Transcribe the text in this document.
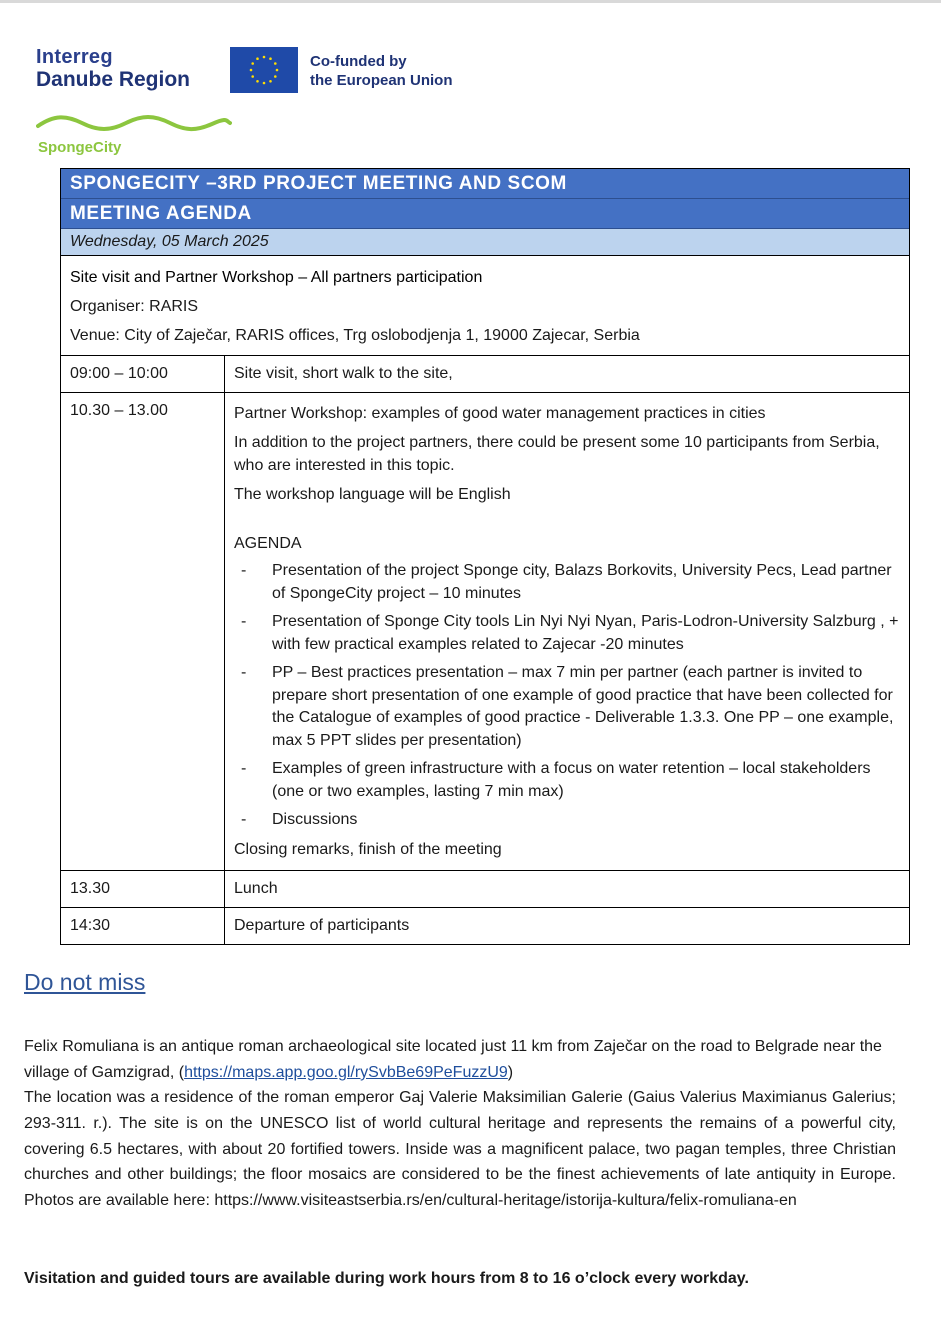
Interreg
Danube Region
Co-funded by
the European Union
SpongeCity
SPONGECITY –3RD PROJECT MEETING AND SCOM
MEETING AGENDA
Wednesday, 05 March 2025
Site visit and Partner Workshop – All partners participation
Organiser: RARIS
Venue: City of Zaječar, RARIS offices, Trg oslobodjenja 1, 19000 Zajecar, Serbia
09:00 – 10:00	Site visit, short walk to the site,
10.30 – 13.00	Partner Workshop: examples of good water management practices in cities

In addition to the project partners, there could be present some 10 participants from Serbia, who are interested in this topic.

The workshop language will be English

AGENDA

- Presentation of the project Sponge city, Balazs Borkovits, University Pecs, Lead partner of SpongeCity project – 10 minutes
- Presentation of Sponge City tools Lin Nyi Nyi Nyan, Paris-Lodron-University Salzburg , + with few practical examples related to Zajecar -20 minutes
- PP – Best practices presentation – max 7 min per partner (each partner is invited to prepare short presentation of one example of good practice that have been collected for the Catalogue of examples of good practice - Deliverable 1.3.3. One PP – one example, max 5 PPT slides per presentation)
- Examples of green infrastructure with a focus on water retention – local stakeholders (one or two examples, lasting 7 min max)
- Discussions

Closing remarks, finish of the meeting

13.30	Lunch
14:30	Departure of participants
Do not miss
Felix Romuliana is an antique roman archaeological site located just 11 km from Zaječar on the road to Belgrade near the village of Gamzigrad, (https://maps.app.goo.gl/rySvbBe69PeFuzzU9)
The location was a residence of the roman emperor Gaj Valerie Maksimilian Galerie (Gaius Valerius Maximianus Galerius; 293-311. r.). The site is on the UNESCO list of world cultural heritage and represents the remains of a powerful city, covering 6.5 hectares, with about 20 fortified towers. Inside was a magnificent palace, two pagan temples, three Christian churches and other buildings; the floor mosaics are considered to be the finest achievements of late antiquity in Europe. Photos are available here: https://www.visiteastserbia.rs/en/cultural-heritage/istorija-kultura/felix-romuliana-en
Visitation and guided tours are available during work hours from 8 to 16 o’clock every workday.
